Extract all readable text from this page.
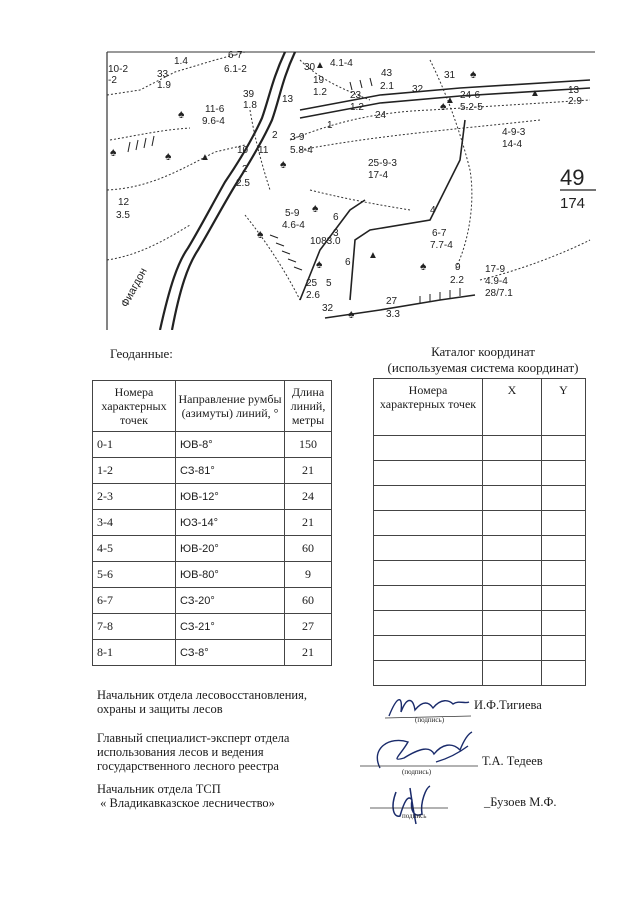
♠	♠
♠
♠
♠
♠
♠
♠
♠
♠
♠
▲
▲
▲
▲
▲
10-2
-2
33
1.9
1.4
6-7
6.1-2	30 4.1-4
19
1.2
43
2.1
31
13
2.9
39
1.8
11-6
9.6-4
13	23
1.2
32
24-6
5.2-5
24
4-9-3
14-4
10 11
2 3-9
5.8-4
25-9-3
17-4
2
2.5
12
3.5	5-9
4.6-4
6
3
1083.0
6
4
6-7
7.7-4
9
2.2
17-9
4.9-4
28/7.1
25
2.6
32
27
3.3
5
1
49
174
Фиагдон
Геоданные:
Номера характерных точек	Направление румбы (азимуты) линий, °	Длина линий, метры
0-1	ЮВ-8°	150
1-2	СЗ-81°	21
2-3	ЮВ-12°	24
3-4	ЮЗ-14°	21
4-5	ЮВ-20°	60
5-6	ЮВ-80°	9
6-7	СЗ-20°	60
7-8	СЗ-21°	27
8-1	СЗ-8°	21
Каталог координат
(используемая система координат)
Номера характерных точек	X	Y

Начальник отдела лесовосстановления,
охраны и защиты лесов
(подпись)
И.Ф.Тигиева
Главный специалист-эксперт отдела
использования лесов и ведения
государственного лесного реестра	(подпись)
Т.А. Тедеев
Начальник отдела ТСП
« Владикавказское лесничество»
подпись
_Бузоев М.Ф.
